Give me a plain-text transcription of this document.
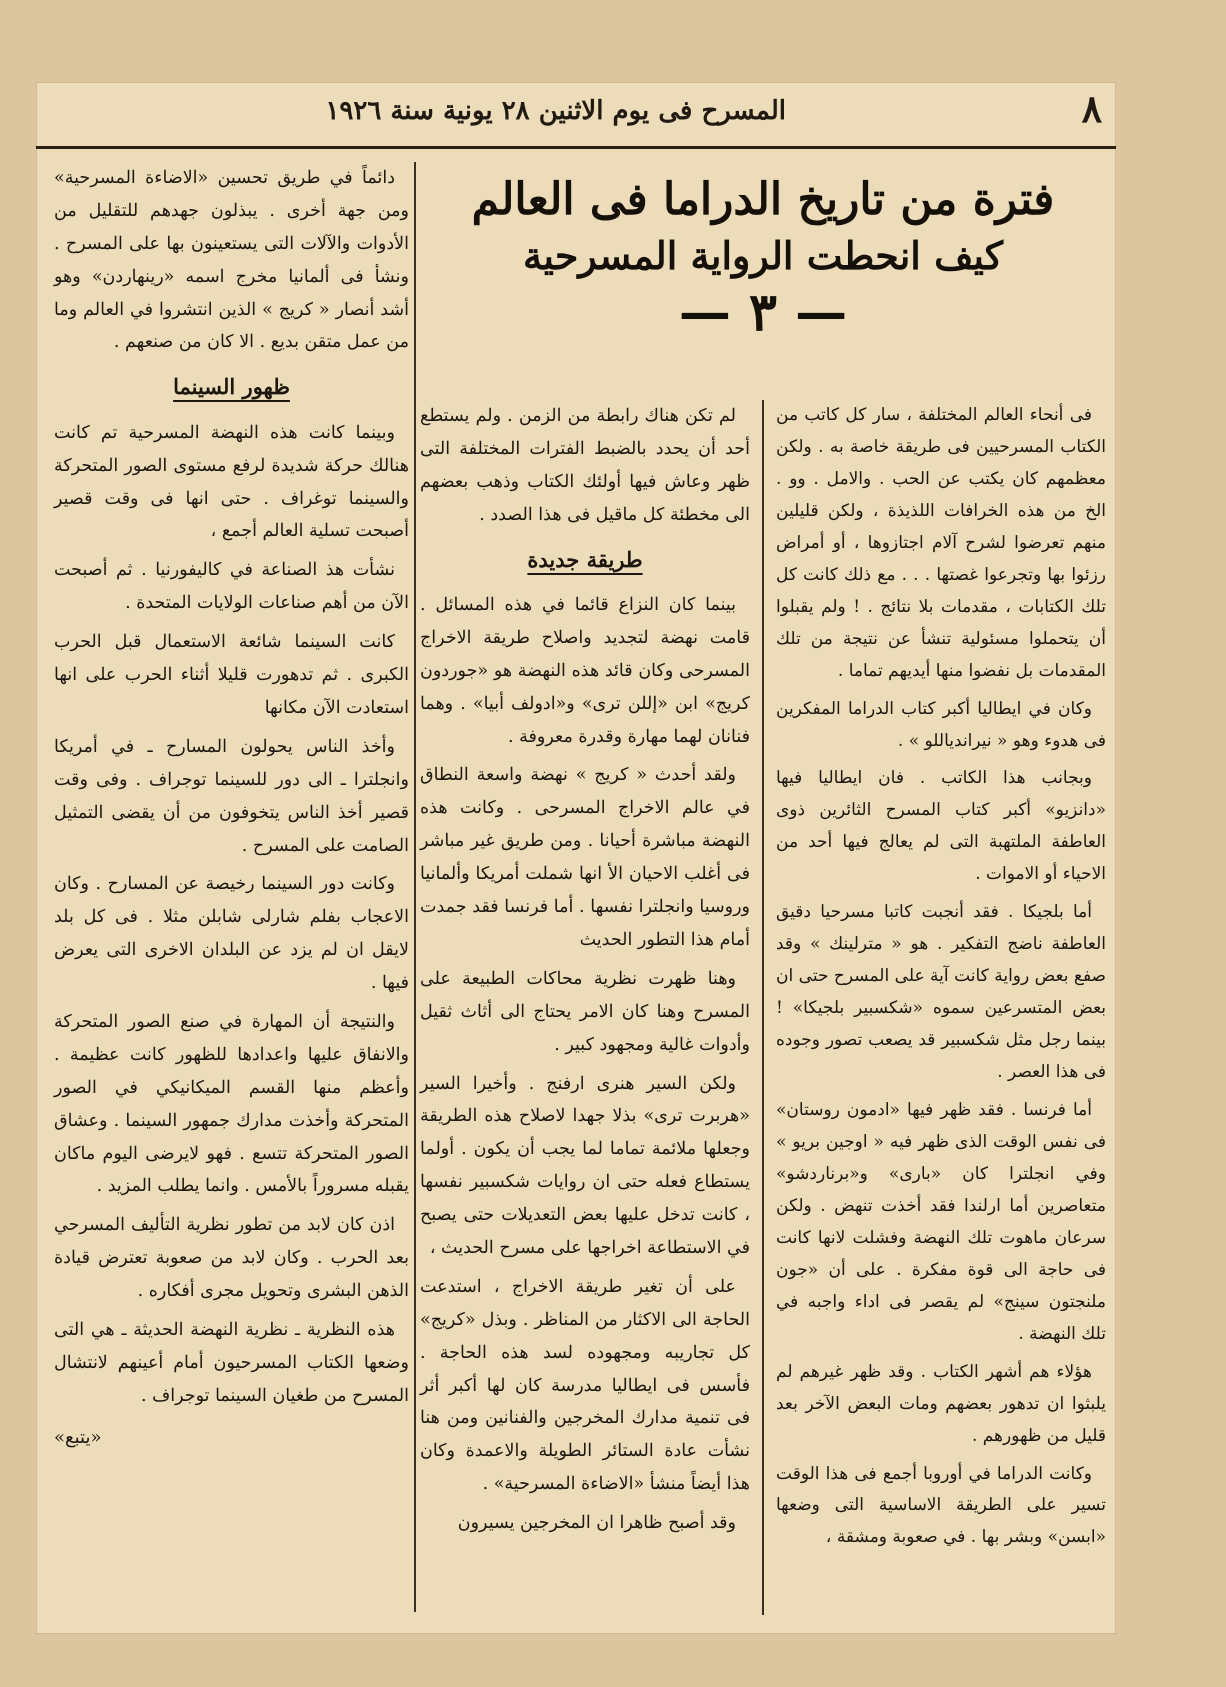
٨
المسرح فى يوم الاثنين ٢٨ يونية سنة ١٩٢٦
فترة من تاريخ الدراما فى العالم
كيف انحطت الرواية المسرحية
— ٣ —

فى أنحاء العالم المختلفة ، سار كل كاتب من الكتاب المسرحيين فى طريقة خاصة به . ولكن معظمهم كان يكتب عن الحب . والامل . وو . الخ من هذه الخرافات اللذيذة ، ولكن قليلين منهم تعرضوا لشرح آلام اجتازوها ، أو أمراض رزئوا بها وتجرعوا غصتها . . . مع ذلك كانت كل تلك الكتابات ، مقدمات بلا نتائج . ! ولم يقبلوا أن يتحملوا مسئولية تنشأ عن نتيجة من تلك المقدمات بل نفضوا منها أيديهم تماما .

وكان في ايطاليا أكبر كتاب الدراما المفكرين فى هدوء وهو « نيراندياللو » .

وبجانب هذا الكاتب . فان ايطاليا فيها «دانزيو» أكبر كتاب المسرح الثائرين ذوى العاطفة الملتهبة التى لم يعالج فيها أحد من الاحياء أو الاموات .

أما بلجيكا . فقد أنجبت كاتبا مسرحيا دقيق العاطفة ناضج التفكير . هو « مترلينك » وقد صفع بعض رواية كانت آية على المسرح حتى ان بعض المتسرعين سموه «شكسبير بلجيكا» ! بينما رجل مثل شكسبير قد يصعب تصور وجوده فى هذا العصر .

أما فرنسا . فقد ظهر فيها «ادمون روستان» فى نفس الوقت الذى ظهر فيه « اوجين بريو » وفي انجلترا كان «بارى» و«برناردشو» متعاصرين أما ارلندا فقد أخذت تنهض . ولكن سرعان ماهوت تلك النهضة وفشلت لانها كانت فى حاجة الى قوة مفكرة . على أن «جون ملنجتون سينج» لم يقصر فى اداء واجبه في تلك النهضة .

هؤلاء هم أشهر الكتاب . وقد ظهر غيرهم لم يلبثوا ان تدهور بعضهم ومات البعض الآخر بعد قليل من ظهورهم .

وكانت الدراما في أوروبا أجمع فى هذا الوقت تسير على الطريقة الاساسية التى وضعها «ابسن» وبشر بها . في صعوبة ومشقة ،

لم تكن هناك رابطة من الزمن . ولم يستطع أحد أن يحدد بالضبط الفترات المختلفة التى ظهر وعاش فيها أولئك الكتاب وذهب بعضهم الى مخطئة كل ماقيل فى هذا الصدد .

طريقة جديدة

بينما كان النزاع قائما في هذه المسائل . قامت نهضة لتجديد واصلاح طريقة الاخراج المسرحى وكان قائد هذه النهضة هو «جوردون كريج» ابن «إللن ترى» و«ادولف أبيا» . وهما فنانان لهما مهارة وقدرة معروفة .

ولقد أحدث « كريج » نهضة واسعة النطاق في عالم الاخراج المسرحى . وكانت هذه النهضة مباشرة أحيانا . ومن طريق غير مباشر فى أغلب الاحيان الأ انها شملت أمريكا وألمانيا وروسيا وانجلترا نفسها . أما فرنسا فقد جمدت أمام هذا التطور الحديث

وهنا ظهرت نظرية محاكات الطبيعة على المسرح وهنا كان الامر يحتاج الى أثاث ثقيل وأدوات غالية ومجهود كبير .

ولكن السير هنرى ارفنج . وأخيرا السير «هربرت ترى» بذلا جهدا لاصلاح هذه الطريقة وجعلها ملائمة تماما لما يجب أن يكون . أولما يستطاع فعله حتى ان روايات شكسبير نفسها ، كانت تدخل عليها بعض التعديلات حتى يصبح في الاستطاعة اخراجها على مسرح الحديث ،

على أن تغير طريقة الاخراج ، استدعت الحاجة الى الاكثار من المناظر . وبذل «كريج» كل تجاريبه ومجهوده لسد هذه الحاجة . فأسس فى ايطاليا مدرسة كان لها أكبر أثر فى تنمية مدارك المخرجين والفنانين ومن هنا نشأت عادة الستائر الطويلة والاعمدة وكان هذا أيضاً منشأ «الاضاءة المسرحية» .

وقد أصبح ظاهرا ان المخرجين يسيرون

دائماً في طريق تحسين «الاضاءة المسرحية» ومن جهة أخرى . يبذلون جهدهم للتقليل من الأدوات والآلات التى يستعينون بها على المسرح . ونشأ فى ألمانيا مخرج اسمه «رينهاردن» وهو أشد أنصار « كريج » الذين انتشروا في العالم وما من عمل متقن بديع . الا كان من صنعهم .

ظهور السينما

وبينما كانت هذه النهضة المسرحية تم كانت هنالك حركة شديدة لرفع مستوى الصور المتحركة والسينما توغراف . حتى انها فى وقت قصير أصبحت تسلية العالم أجمع ،

نشأت هذ الصناعة في كاليفورنيا . ثم أصبحت الآن من أهم صناعات الولايات المتحدة .

كانت السينما شائعة الاستعمال قبل الحرب الكبرى . ثم تدهورت قليلا أثناء الحرب على انها استعادت الآن مكانها

وأخذ الناس يحولون المسارح ـ في أمريكا وانجلترا ـ الى دور للسينما توجراف . وفى وقت قصير أخذ الناس يتخوفون من أن يقضى التمثيل الصامت على المسرح .

وكانت دور السينما رخيصة عن المسارح . وكان الاعجاب بفلم شارلى شابلن مثلا . فى كل بلد لايقل ان لم يزد عن البلدان الاخرى التى يعرض فيها .

والنتيجة أن المهارة في صنع الصور المتحركة والانفاق عليها واعدادها للظهور كانت عظيمة . وأعظم منها القسم الميكانيكي في الصور المتحركة وأخذت مدارك جمهور السينما . وعشاق الصور المتحركة تتسع . فهو لايرضى اليوم ماكان يقبله مسروراً بالأمس . وانما يطلب المزيد .

اذن كان لابد من تطور نظرية التأليف المسرحي بعد الحرب . وكان لابد من صعوبة تعترض قيادة الذهن البشرى وتحويل مجرى أفكاره .

هذه النظرية ـ نظرية النهضة الحديثة ـ هي التى وضعها الكتاب المسرحيون أمام أعينهم لانتشال المسرح من طغيان السينما توجراف .

«يتبع»
